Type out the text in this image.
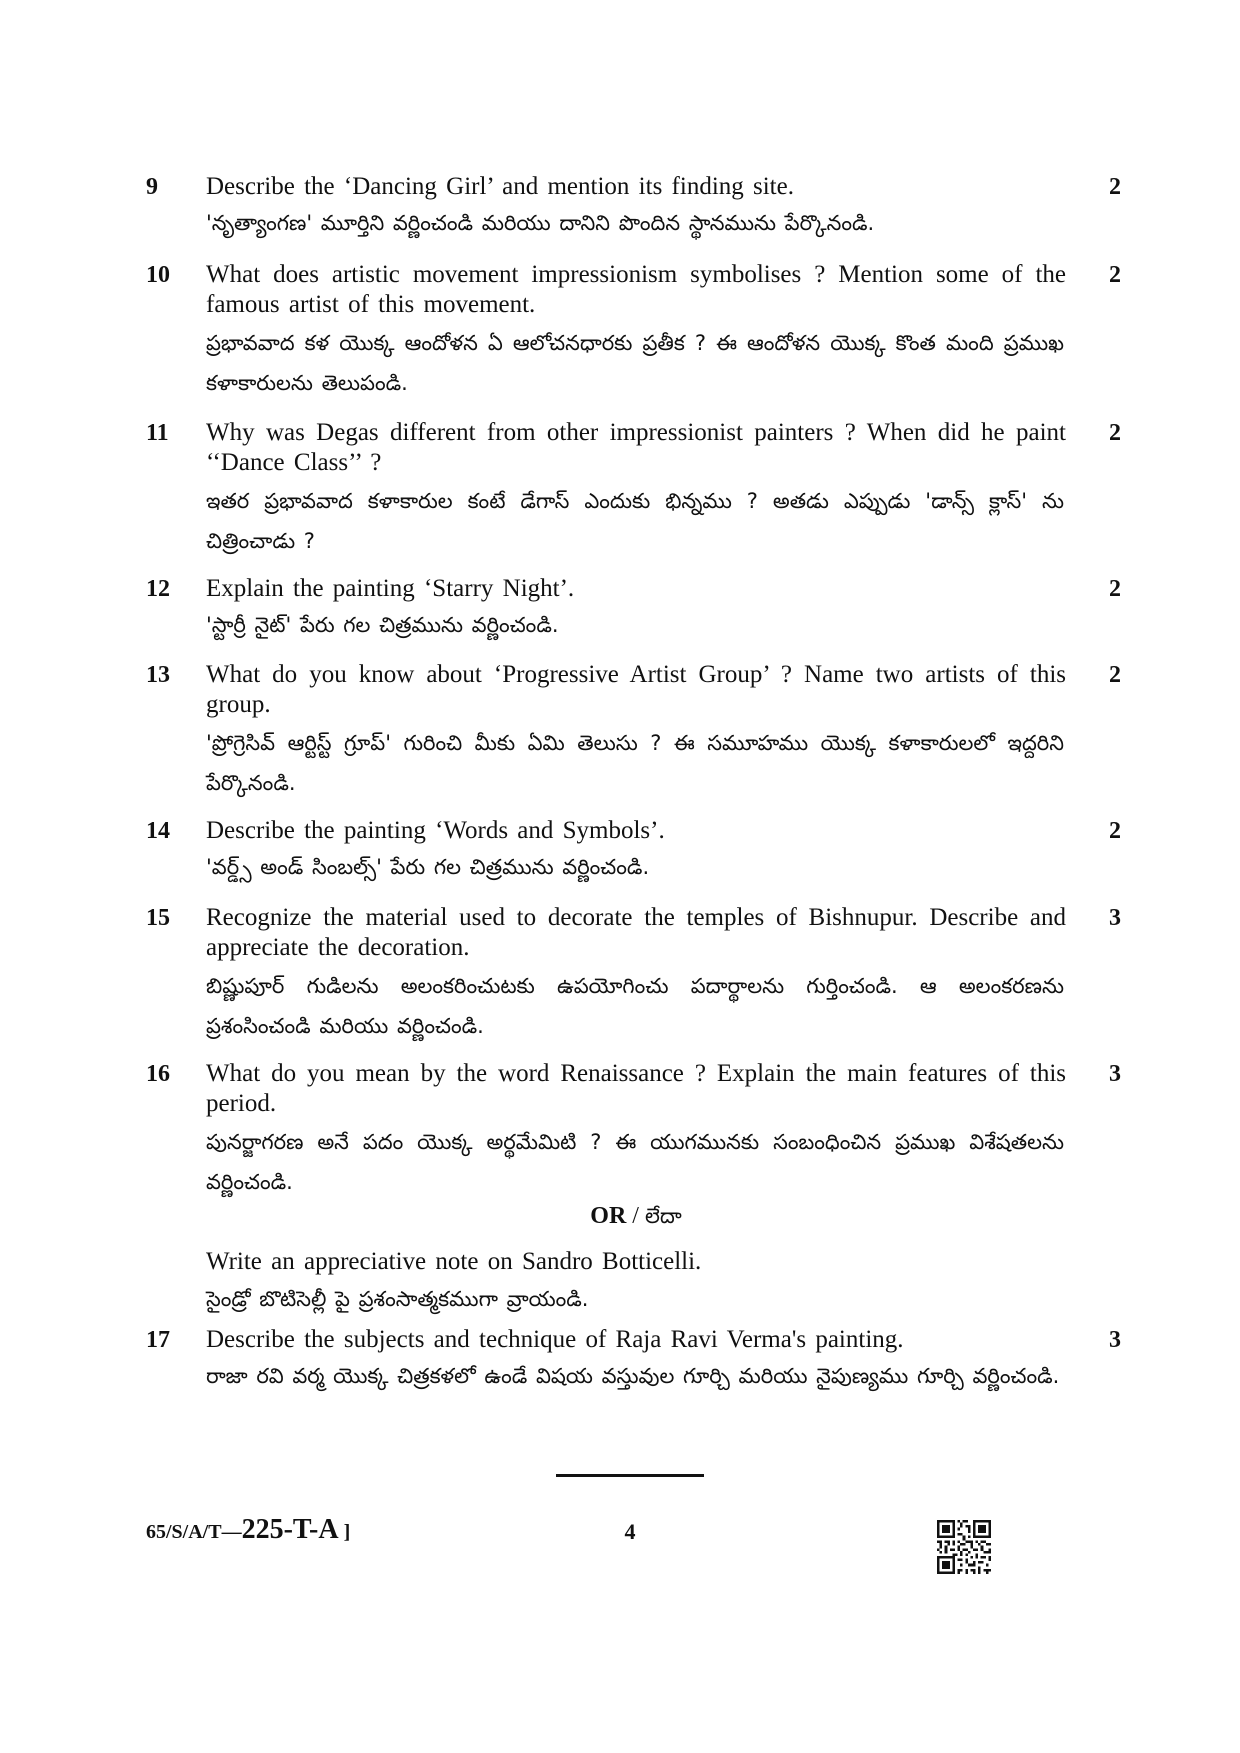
9 Describe the ‘Dancing Girl’ and mention its finding site.
'నృత్యాంగణ' మూర్తిని వర్ణించండి మరియు దానిని పొందిన స్థానమును పేర్కొనండి.
2
10 What does artistic movement impressionism symbolises ? Mention some of the famous artist of this movement.
ప్రభావవాద కళ యొక్క ఆందోళన ఏ ఆలోచనధారకు ప్రతీక ? ఈ ఆందోళన యొక్క కొంత మంది ప్రముఖ కళాకారులను తెలుపండి.
2
11 Why was Degas different from other impressionist painters ? When did he paint ‘‘Dance Class’’ ?
ఇతర ప్రభావవాద కళాకారుల కంటే డేగాస్ ఎందుకు భిన్నము ? అతడు ఎప్పుడు 'డాన్స్ క్లాస్' ను చిత్రించాడు ?
2
12 Explain the painting ‘Starry Night’.
'స్టార్రీ నైట్' పేరు గల చిత్రమును వర్ణించండి.
2
13 What do you know about ‘Progressive Artist Group’ ? Name two artists of this group.
'ప్రోగ్రెసివ్ ఆర్టిస్ట్ గ్రూప్' గురించి మీకు ఏమి తెలుసు ? ఈ సమూహము యొక్క కళాకారులలో ఇద్దరిని పేర్కొనండి.
2
14 Describe the painting ‘Words and Symbols’.
'వర్డ్స్ అండ్ సింబల్స్' పేరు గల చిత్రమును వర్ణించండి.
2
15 Recognize the material used to decorate the temples of Bishnupur. Describe and appreciate the decoration.
బిష్ణుపూర్ గుడిలను అలంకరించుటకు ఉపయోగించు పదార్థాలను గుర్తించండి. ఆ అలంకరణను ప్రశంసించండి మరియు వర్ణించండి.
3
16 What do you mean by the word Renaissance ? Explain the main features of this period.
పునర్జాగరణ అనే పదం యొక్క అర్థమేమిటి ? ఈ యుగమునకు సంబంధించిన ప్రముఖ విశేషతలను వర్ణించండి.
OR / లేదా
Write an appreciative note on Sandro Botticelli.
సైండ్రో బొటిసెల్లీ పై ప్రశంసాత్మకముగా వ్రాయండి.
3
17 Describe the subjects and technique of Raja Ravi Verma's painting.
రాజా రవి వర్మ యొక్క చిత్రకళలో ఉండే విషయ వస్తువుల గూర్చి మరియు నైపుణ్యము గూర్చి వర్ణించండి.
3
65/S/A/T—225-T-A ]	4
